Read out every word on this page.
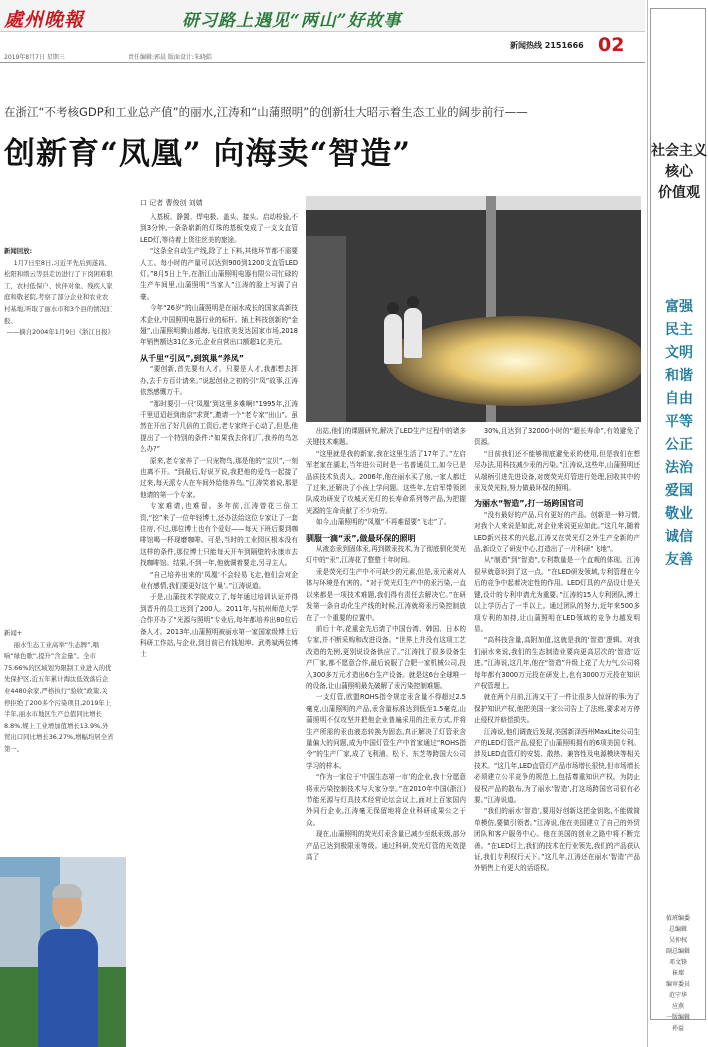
處州晚報	研习路上遇见“两山”好故事
新闻热线 2151666 02
2019年8月7日 星期三	责任编辑:郭晨 版面设计:朱晓皓
在浙江“不考核GDP和工业总产值”的丽水,江涛和“山蒲照明”的创新壮大昭示着生态工业的阔步前行——
创新育“凤凰” 向海卖“智造”
新闻回放:
1月7日至8日,习近平先后到遂昌、松阳和缙云等县走访进行了下岗困难职工、农村低保户、伙伴对象、残疾人家庭和敬老院,考察了部分企业和农业农村基地,听取了丽水市和3个县的情况汇报。
——摘自2004年1月9日《浙江日报》
新闻+
丽水生态工业高举“生态牌”,唱响“绿色歌”,提升“含金量”。全市75.66%的区域划为限制工业进入的优先保护区,近五年累计淘汰低效落后企业4480余家,严格执行“验收”政策,关停拒绝了200多个污染项目,2019年上半年,丽水市地区生产总值同比增长8.8%,规上工业增加值增长13.9%,外贸出口同比增长36.27%,增幅均居全省第一。
口 记者 曹俊创 刘婧

入基板、静置、焊电极、盖头、接头、启动检验,不到3分钟,一条条崭新的灯珠的基板变成了一支支直管LED灯,等待着上货往丝美的旅途。

“这条全自动生产线,除了上下料,其他环节都不需要人工。每小时的产量可以达到900到1200支直管LED灯。”8月5日上午,在浙江山蒲照明电器有限公司忙碌的生产车间里,山蒲照明“当家人”江涛的脸上写满了自豪。

今年“26岁”的山蒲照明是在丽水成长的国家高新技术企业,中国照明电器行业的标杆。插上科技创新的“金翅”,山蒲照明腾山越海,飞往欧美发达国家市场,2018年销售额达31亿多元,企业自营出口额超1亿美元。

从千里“引凤”,到筑巢“养凤”

“要创新,首先要有人才。只要是人才,我都想去挥办,去千方百计请来。”说起创业之初的引“凤”故事,江涛依然感慨万千。

“那时要引一只‘凤凰’到这里多难啊!”1995年,江涛千里迢迢赶到南京“求贤”,邀请一个“老专家”出山”。虽然在开出了好几倍的工资后,老专家终于心动了,但是,他提出了一个特别的条件:“如果我去你们厂,我养的鸟怎么办?”

原来,老专家养了一只宠物鸟,那是他的“宝贝”,一刻也离不开。“到最后,好说歹说,我把他的爱鸟一起接了过来,每天派专人在车间外给他养鸟。”江涛笑着说,那是他请的第一个专家。

专家难请,也难留。多年前,江涛曾花三倍工资,“挖”来了一位年轻博士,还办法给这位专家让了一套住房,不过,那位博士也有个爱好——每天下班后要到咖啡馆喝一杯现磨咖啡。可是,当时的工业园区根本没有这样的条件,那位博士只能每天开车到隔壁的永康市去找咖啡馆。结果,不到一年,他就调着要走,另寻主人。

“自己培养出来的‘凤凰’不会轻易飞走,他们会对企业有感情,我们要更好这个‘巢’。”江涛说道。

于是,山蒲技术学院成立了,每年通过培训认证并得到晋升的员工达到了200人。2011年,与杭州师范大学合作开办了“光源与照明”专业后,每年都培养出80位后备人才。2013年,山蒲照明被丽水第一家国家级博士后科研工作站,与企业,到目前已有钱旭坤、武勇斌两位博士

出站,他们的课题研究,解决了LED生产过程中的诸多关键技术难题。

“这里就是我的新家,我在这里生活了17年了。”左启军老家在湖北,当年进公司时是一名普通员工,如今已是品质技术负责人。2006年,他在丽水买了房,一家人都迁了过来,还解决了小孩上学问题。这些年,左启军带领团队成功研发了攻城灭光灯的长寿命系列等产品,为把握光源的生命贡献了不少功劳。

如今,山蒲照明的“凤凰”不再难留要“飞走”了。

驯服一滴“汞”,做最环保的照明

从液态汞到固体汞,再到微汞技术,为了彻底驯化荧光灯中的“汞”,江涛花了整整十年时间。

汞是荧光灯生产中不可缺少的元素,但是,汞元素对人体与环境是有害的。“对于荧光灯生产中的汞污染,一直以来都是一项技术难题,我们得有责任去解决它。”在研发第一条自动化生产线的时候,江涛就将汞污染控制放在了一个重要的位置中。

前后十年,花重金先后请了中国台湾、韩国、日本的专家,并不断采购和改进设备。“世界上并没有这项工艺改造的先例,更别说设备供应了。”江涛找了很多设备生产厂家,都不愿意合作,最后说服了合肥一家机械公司,投入300多万元才造出6台生产设备。就是这6台全球唯一的设备,让山蒲照明最先破解了汞污染控制难题。

一支灯管,欧盟ROHS指令规定汞含量不得超过2.5毫克,山蒲照明的产品,汞含量标准达到低至1.5毫克,山蒲照明不仅攻坚并把他企业普遍采用的注汞方式,并将生产所需的汞由液态转换为固态,真正解决了灯管汞含量偏大的问题,成为中国灯管生产中首家通过“ROHS指令”的生产厂家,成了飞利浦、松下、东芝等跨国大公司学习的样本。

“作为一家位于‘中国生态第一市’的企业,我十分愿意将汞污染控制技术与大家分享。”在2010年中国(浙江)节能光源与灯具技术经营论坛会议上,面对上百家国内外同行企业,江涛毫无保留地将企业科研成果公之于众。

现在,山蒲照明的荧光灯汞含量已减少至纸汞级,部分产品已达到极限汞等级。通过科研,荧光灯管的光效提高了

30%,且达到了32000小时的“超长寿命”,有效避免了资源。

“目前我们还不能够彻底避免汞的使用,但是我们在想尽办法,用科技减少汞的污染。”江涛说,这些年,山蒲照明还从端柄引进先进设备,对废荧光灯管进行处理,回收其中的汞及荧光粉,努力做最环保的照明。

为丽水“智造”,打一场跨国官司

“没有最好的产品,只有更好的产品。创新是一种习惯,对我个人来说是如此,对企业来说更应如此。”这几年,随着LED新兴技术的兴起,江涛又在荧光灯之外生产全新的产品,新设立了研发中心,打造出了一片科研“飞地”。

从“制造”到“智造”,专利数量是一个直观的体现。江涛很早就意识到了这一点。“在LED研发领域,专利管理在今后的竞争中起着决定性的作用。LED灯具的产品设计是关键,设计的专利申请尤为重要。”江涛的15人专利团队,博士以上学历占了一半以上。通过团队的努力,近年来500多项专利的加持,让山蒲照明在LED领域的竞争力越发明显。

“高科技含量,高附加值,这就是我的‘智造’逻辑。对我们丽水来说,我们的生态制造业要向更高层次的‘智造’迈进。”江涛说,这几年,他在“智造”升级上花了大力气,公司将每年都有3000万元投在研发上,也有3000万元投在知识产权管理上。

就在两个月前,江涛又干了一件让很多人惊讶的事:为了保护知识产权,他把美国一家公司告上了法庭,要求对方停止侵权并赔偿损失。

江涛说,他们调查后发现,美国新泽西州MaxLite公司生产的LED灯管产品,侵犯了山蒲照明拥有的6项美国专利。涉及LED直管灯的安装、散热、兼容性及电源模块等相关技术。“这几年,LED直管灯产品市场增长很快,但市场增长必须建立公平竞争的规范上,包括尊重知识产权。为防止侵权产品的散布,为了丽水‘智造’,打这场跨国官司很有必要。”江涛说道。

“我们的丽水‘智造’,要用好创新这把金钥匙,不能做简单模仿,要做引领者。”江涛说,他在美国建立了自己的外贸团队和客户服务中心。他在美国的创业之路中将不断完善。“在LED灯上,我们的技术在行业领先,我们的产品获认证,我们专利权行天下。”这几年,江涛还在丽水‘智造’产品外销售上有更大的话语权。

社会主义
核心
价值观
富强
民主
文明
和谐
自由
平等
公正
法治
爱国
敬业
诚信
友善
值班编委
总编辑
吴仲权
副总编辑
邓文锋
崔璨
编审委员
范宁华
应燕
一版编辑
孙益
